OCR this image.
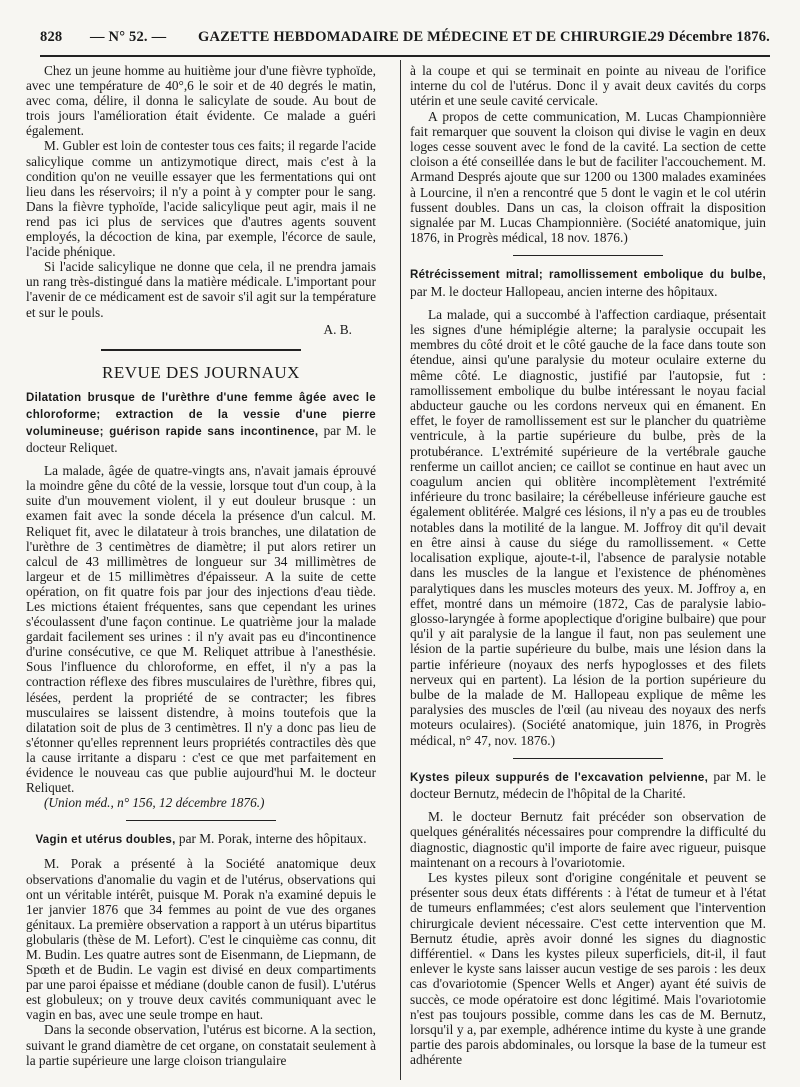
828 — N° 52. — GAZETTE HEBDOMADAIRE DE MÉDECINE ET DE CHIRURGIE.
29 Décembre 1876.

Chez un jeune homme au huitième jour d'une fièvre typhoïde, avec une température de 40°,6 le soir et de 40 degrés le matin, avec coma, délire, il donna le salicylate de soude. Au bout de trois jours l'amélioration était évidente. Ce malade a guéri également.

M. Gubler est loin de contester tous ces faits; il regarde l'acide salicylique comme un antizymotique direct, mais c'est à la condition qu'on ne veuille essayer que les fermentations qui ont lieu dans les réservoirs; il n'y a point à y compter pour le sang. Dans la fièvre typhoïde, l'acide salicylique peut agir, mais il ne rend pas ici plus de services que d'autres agents souvent employés, la décoction de kina, par exemple, l'écorce de saule, l'acide phénique.

Si l'acide salicylique ne donne que cela, il ne prendra jamais un rang très-distingué dans la matière médicale. L'important pour l'avenir de ce médicament est de savoir s'il agit sur la température et sur le pouls.

A. B.
REVUE DES JOURNAUX

Dilatation brusque de l'urèthre d'une femme âgée avec le chloroforme; extraction de la vessie d'une pierre volumineuse; guérison rapide sans incontinence, par M. le docteur Reliquet.

La malade, âgée de quatre-vingts ans, n'avait jamais éprouvé la moindre gêne du côté de la vessie, lorsque tout d'un coup, à la suite d'un mouvement violent, il y eut douleur brusque : un examen fait avec la sonde décela la présence d'un calcul. M. Reliquet fit, avec le dilatateur à trois branches, une dilatation de l'urèthre de 3 centimètres de diamètre; il put alors retirer un calcul de 43 millimètres de longueur sur 34 millimètres de largeur et de 15 millimètres d'épaisseur. A la suite de cette opération, on fit quatre fois par jour des injections d'eau tiède. Les mictions étaient fréquentes, sans que cependant les urines s'écoulassent d'une façon continue. Le quatrième jour la malade gardait facilement ses urines : il n'y avait pas eu d'incontinence d'urine consécutive, ce que M. Reliquet attribue à l'anesthésie. Sous l'influence du chloroforme, en effet, il n'y a pas la contraction réflexe des fibres musculaires de l'urèthre, fibres qui, lésées, perdent la propriété de se contracter; les fibres musculaires se laissent distendre, à moins toutefois que la dilatation soit de plus de 3 centimètres. Il n'y a donc pas lieu de s'étonner qu'elles reprennent leurs propriétés contractiles dès que la cause irritante a disparu : c'est ce que met parfaitement en évidence le nouveau cas que publie aujourd'hui M. le docteur Reliquet.

(Union méd., n° 156, 12 décembre 1876.)

Vagin et utérus doubles, par M. Porak, interne des hôpitaux.

M. Porak a présenté à la Société anatomique deux observations d'anomalie du vagin et de l'utérus, observations qui ont un véritable intérêt, puisque M. Porak n'a examiné depuis le 1er janvier 1876 que 34 femmes au point de vue des organes génitaux. La première observation a rapport à un utérus bipartitus globularis (thèse de M. Lefort). C'est le cinquième cas connu, dit M. Budin. Les quatre autres sont de Eisenmann, de Liepmann, de Spœth et de Budin. Le vagin est divisé en deux compartiments par une paroi épaisse et médiane (double canon de fusil). L'utérus est globuleux; on y trouve deux cavités communiquant avec le vagin en bas, avec une seule trompe en haut.

Dans la seconde observation, l'utérus est bicorne. A la section, suivant le grand diamètre de cet organe, on constatait seulement à la partie supérieure une large cloison triangulaire

à la coupe et qui se terminait en pointe au niveau de l'orifice interne du col de l'utérus. Donc il y avait deux cavités du corps utérin et une seule cavité cervicale.

A propos de cette communication, M. Lucas Championnière fait remarquer que souvent la cloison qui divise le vagin en deux loges cesse souvent avec le fond de la cavité. La section de cette cloison a été conseillée dans le but de faciliter l'accouchement. M. Armand Després ajoute que sur 1200 ou 1300 malades examinées à Lourcine, il n'en a rencontré que 5 dont le vagin et le col utérin fussent doubles. Dans un cas, la cloison offrait la disposition signalée par M. Lucas Championnière. (Société anatomique, juin 1876, in Progrès médical, 18 nov. 1876.)

Rétrécissement mitral; ramollissement embolique du bulbe, par M. le docteur Hallopeau, ancien interne des hôpitaux.

La malade, qui a succombé à l'affection cardiaque, présentait les signes d'une hémiplégie alterne; la paralysie occupait les membres du côté droit et le côté gauche de la face dans toute son étendue, ainsi qu'une paralysie du moteur oculaire externe du même côté. Le diagnostic, justifié par l'autopsie, fut : ramollissement embolique du bulbe intéressant le noyau facial abducteur gauche ou les cordons nerveux qui en émanent. En effet, le foyer de ramollissement est sur le plancher du quatrième ventricule, à la partie supérieure du bulbe, près de la protubérance. L'extrémité supérieure de la vertébrale gauche renferme un caillot ancien; ce caillot se continue en haut avec un coagulum ancien qui oblitère incomplètement l'extrémité inférieure du tronc basilaire; la cérébelleuse inférieure gauche est également oblitérée. Malgré ces lésions, il n'y a pas eu de troubles notables dans la motilité de la langue. M. Joffroy dit qu'il devait en être ainsi à cause du siége du ramollissement. « Cette localisation explique, ajoute-t-il, l'absence de paralysie notable dans les muscles de la langue et l'existence de phénomènes paralytiques dans les muscles moteurs des yeux. M. Joffroy a, en effet, montré dans un mémoire (1872, Cas de paralysie labio-glosso-laryngée à forme apoplectique d'origine bulbaire) que pour qu'il y ait paralysie de la langue il faut, non pas seulement une lésion de la partie supérieure du bulbe, mais une lésion dans la partie inférieure (noyaux des nerfs hypoglosses et des filets nerveux qui en partent). La lésion de la portion supérieure du bulbe de la malade de M. Hallopeau explique de même les paralysies des muscles de l'œil (au niveau des noyaux des nerfs moteurs oculaires). (Société anatomique, juin 1876, in Progrès médical, n° 47, nov. 1876.)

Kystes pileux suppurés de l'excavation pelvienne, par M. le docteur Bernutz, médecin de l'hôpital de la Charité.

M. le docteur Bernutz fait précéder son observation de quelques généralités nécessaires pour comprendre la difficulté du diagnostic, diagnostic qu'il importe de faire avec rigueur, puisque maintenant on a recours à l'ovariotomie.

Les kystes pileux sont d'origine congénitale et peuvent se présenter sous deux états différents : à l'état de tumeur et à l'état de tumeurs enflammées; c'est alors seulement que l'intervention chirurgicale devient nécessaire. C'est cette intervention que M. Bernutz étudie, après avoir donné les signes du diagnostic différentiel. « Dans les kystes pileux superficiels, dit-il, il faut enlever le kyste sans laisser aucun vestige de ses parois : les deux cas d'ovariotomie (Spencer Wells et Anger) ayant été suivis de succès, ce mode opératoire est donc légitimé. Mais l'ovariotomie n'est pas toujours possible, comme dans les cas de M. Bernutz, lorsqu'il y a, par exemple, adhérence intime du kyste à une grande partie des parois abdominales, ou lorsque la base de la tumeur est adhérente
